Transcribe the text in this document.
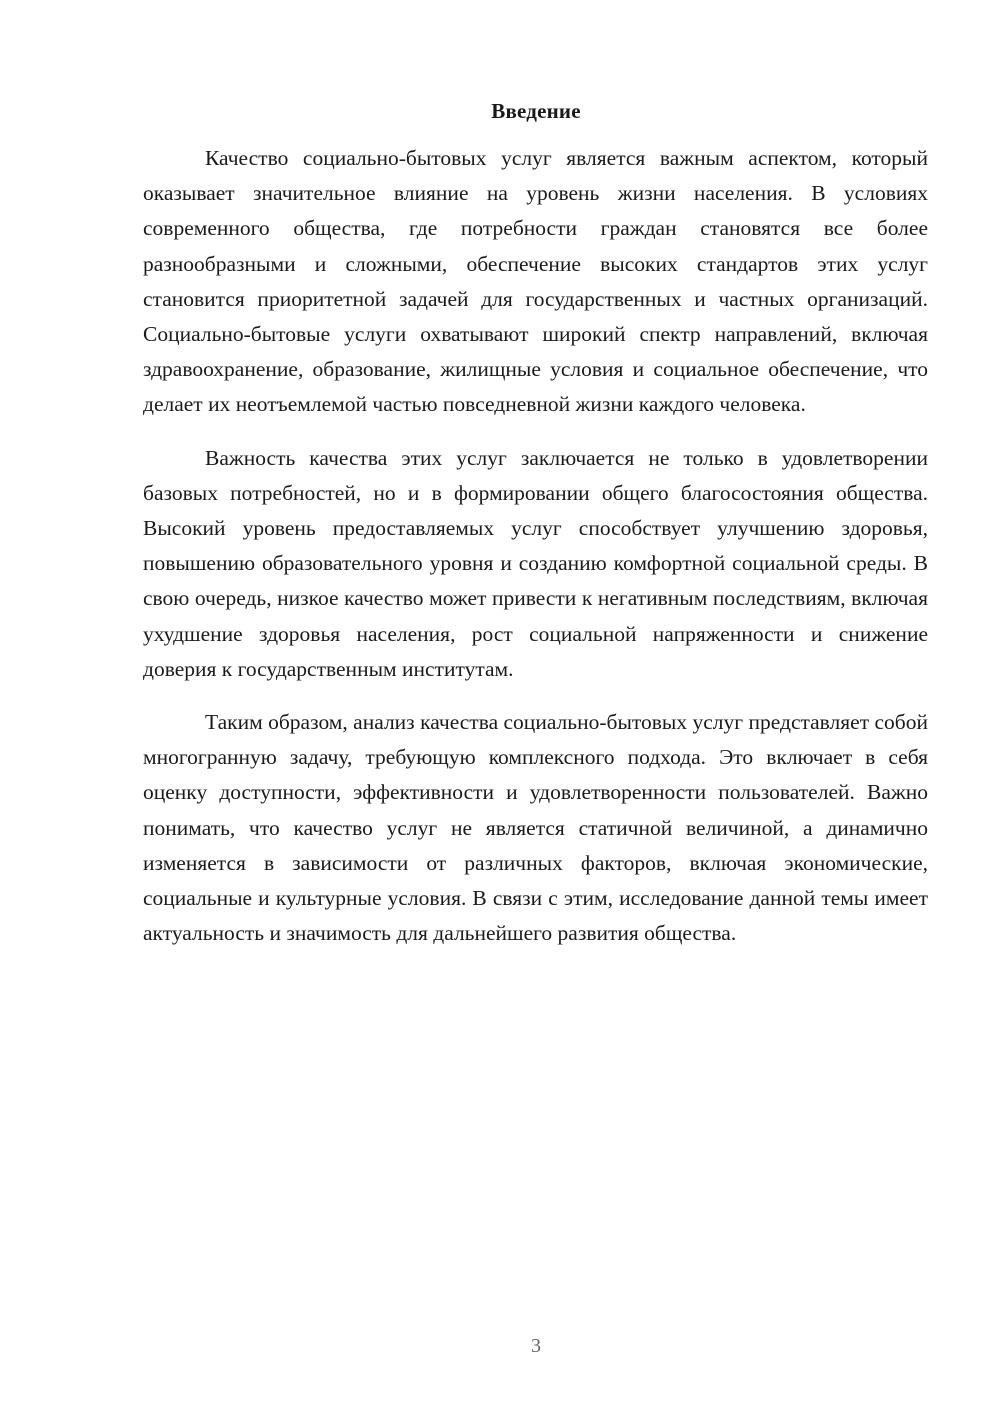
Введение

Качество социально-бытовых услуг является важным аспектом, который оказывает значительное влияние на уровень жизни населения. В условиях современного общества, где потребности граждан становятся все более разнообразными и сложными, обеспечение высоких стандартов этих услуг становится приоритетной задачей для государственных и частных организаций. Социально-бытовые услуги охватывают широкий спектр направлений, включая здравоохранение, образование, жилищные условия и социальное обеспечение, что делает их неотъемлемой частью повседневной жизни каждого человека.

Важность качества этих услуг заключается не только в удовлетворении базовых потребностей, но и в формировании общего благосостояния общества. Высокий уровень предоставляемых услуг способствует улучшению здоровья, повышению образовательного уровня и созданию комфортной социальной среды. В свою очередь, низкое качество может привести к негативным последствиям, включая ухудшение здоровья населения, рост социальной напряженности и снижение доверия к государственным институтам.

Таким образом, анализ качества социально-бытовых услуг представляет собой многогранную задачу, требующую комплексного подхода. Это включает в себя оценку доступности, эффективности и удовлетворенности пользователей. Важно понимать, что качество услуг не является статичной величиной, а динамично изменяется в зависимости от различных факторов, включая экономические, социальные и культурные условия. В связи с этим, исследование данной темы имеет актуальность и значимость для дальнейшего развития общества.

3
